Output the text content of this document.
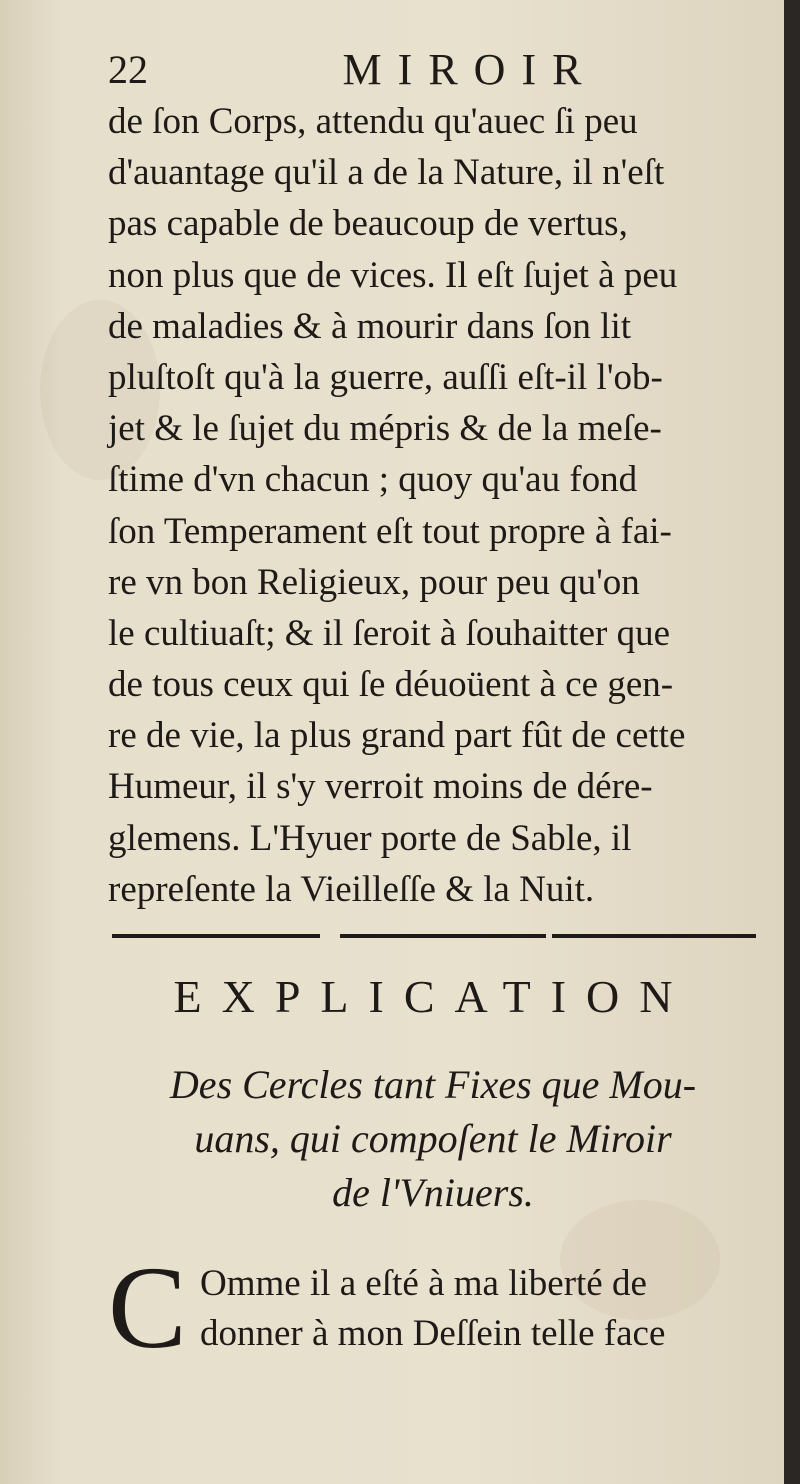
22	MIROIR
de ſon Corps, attendu qu'auec ſi peu
d'auantage qu'il a de la Nature, il n'eſt
pas capable de beaucoup de vertus,
non plus que de vices. Il eſt ſujet à peu
de maladies & à mourir dans ſon lit
pluſtoſt qu'à la guerre, auſſi eſt-il l'ob-
jet & le ſujet du mépris & de la meſe-
ſtime d'vn chacun ; quoy qu'au fond
ſon Temperament eſt tout propre à fai-
re vn bon Religieux, pour peu qu'on
le cultiuaſt; & il ſeroit à ſouhaitter que
de tous ceux qui ſe déuoüent à ce gen-
re de vie, la plus grand part fût de cette
Humeur, il s'y verroit moins de dére-
glemens. L'Hyuer porte de Sable, il
repreſente la Vieilleſſe & la Nuit.
EXPLICATION
Des Cercles tant Fixes que Mou-
uans, qui compoſent le Miroir
de l'Vniuers.
C Omme il a eſté à ma liberté de
donner à mon Deſſein telle face
